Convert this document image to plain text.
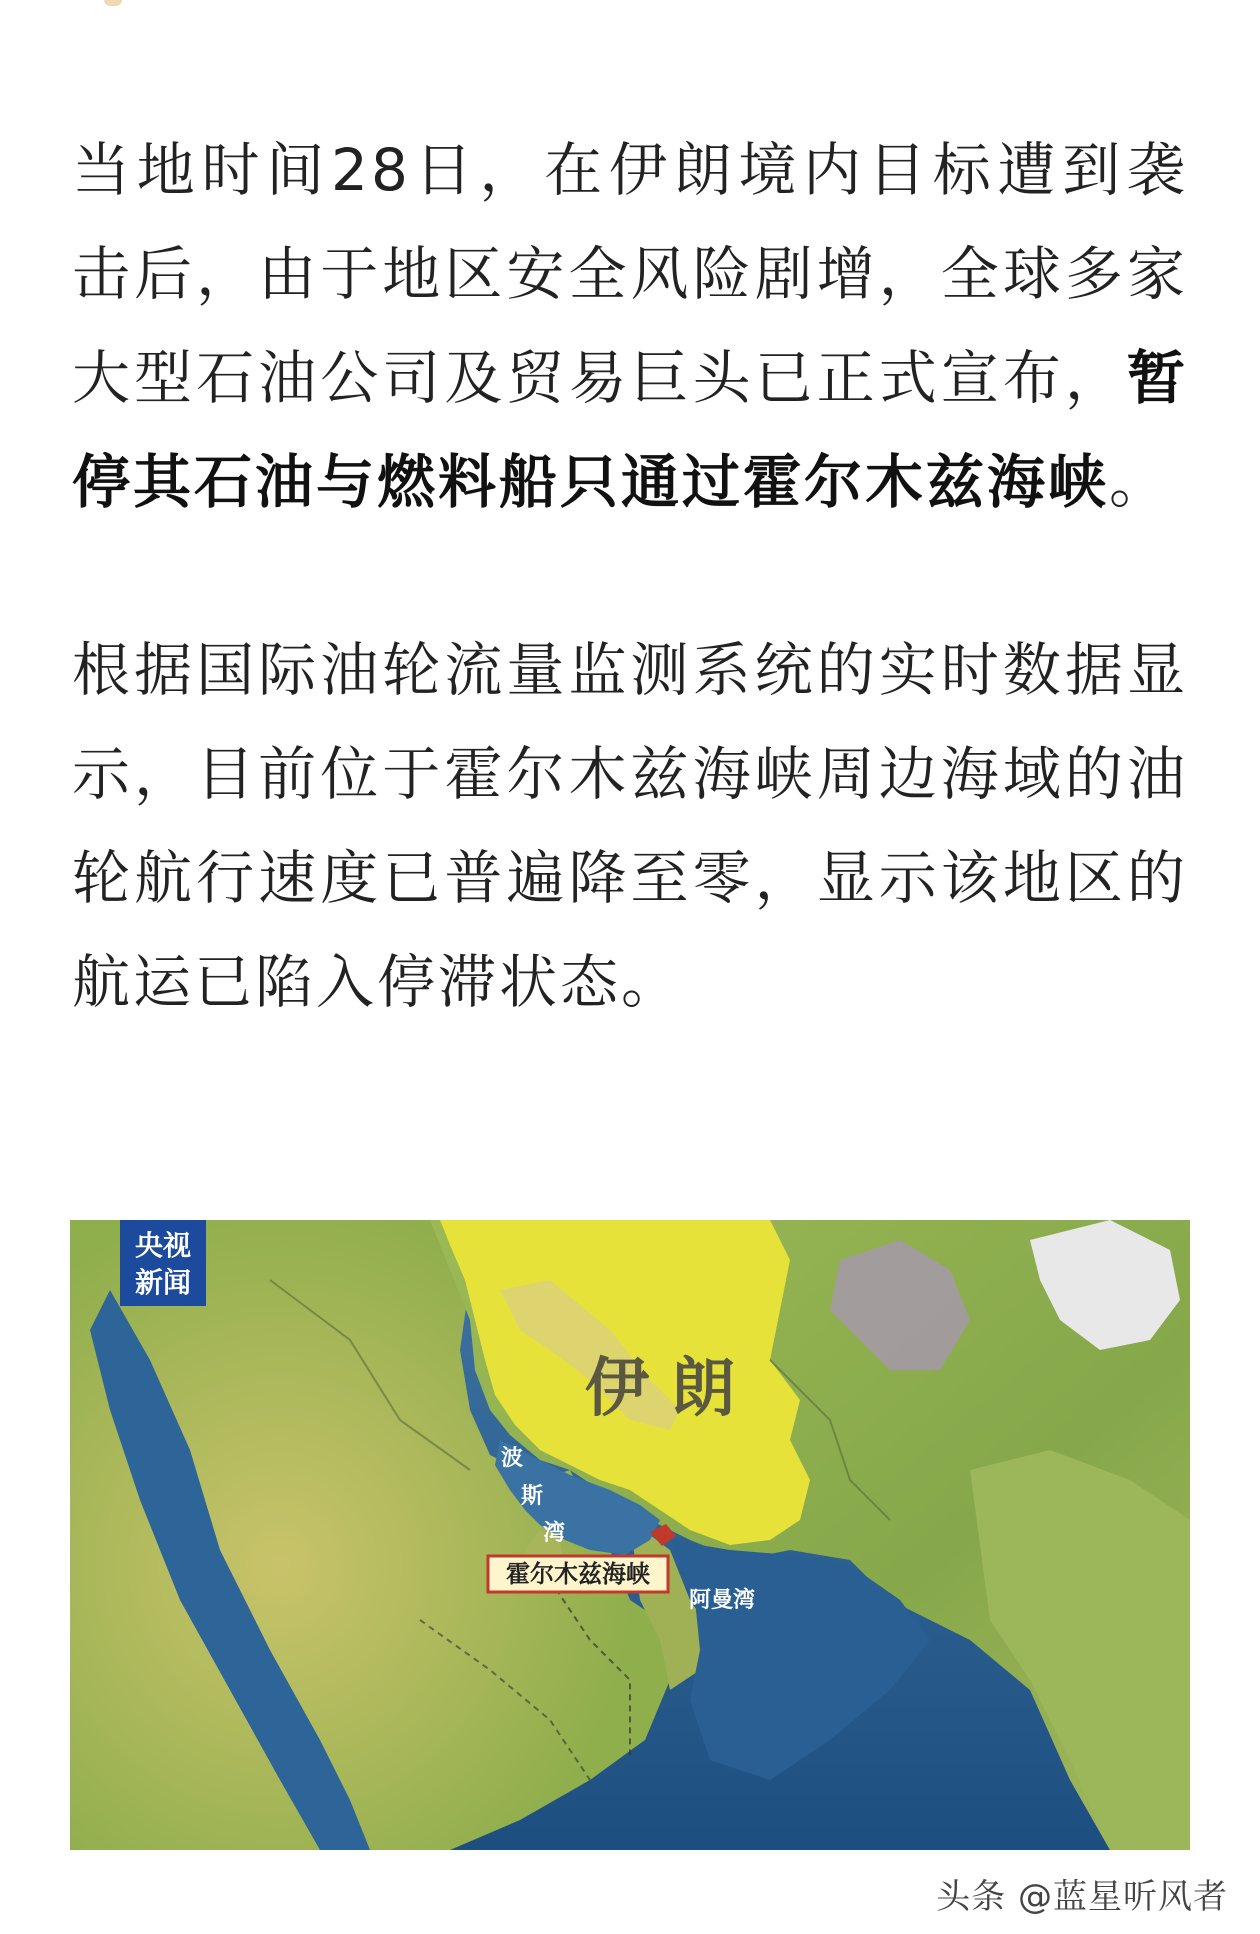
当地时间28日，在伊朗境内目标遭到袭击后，由于地区安全风险剧增，全球多家大型石油公司及贸易巨头已正式宣布，暂停其石油与燃料船只通过霍尔木兹海峡。

根据国际油轮流量监测系统的实时数据显示，目前位于霍尔木兹海峡周边海域的油轮航行速度已普遍降至零，显示该地区的航运已陷入停滞状态。

央视
新闻
伊 朗
波
斯
湾
霍尔木兹海峡
阿曼湾
头条 @蓝星听风者
